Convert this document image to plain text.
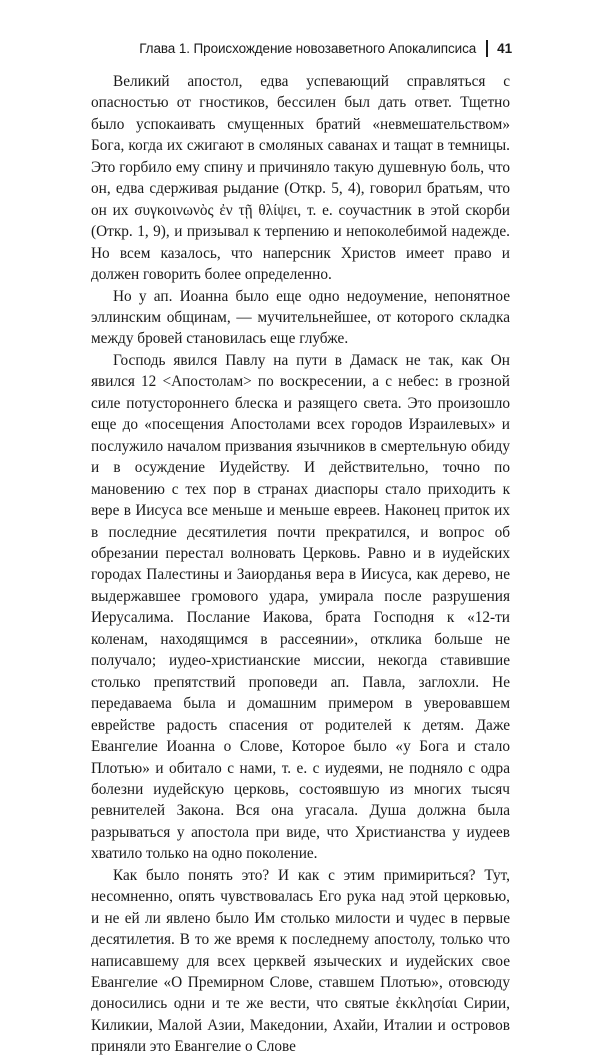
Глава 1. Происхождение новозаветного Апокалипсиса 41

Великий апостол, едва успевающий справляться с опасностью от гностиков, бессилен был дать ответ. Тщетно было успокаивать смущенных братий «невмешательством» Бога, когда их сжигают в смоляных саванах и тащат в темницы. Это горбило ему спину и причиняло такую душевную боль, что он, едва сдерживая рыдание (Откр. 5, 4), говорил братьям, что он их συγκοινωνὸς ἐν τῇ θλίψει, т. е. соучастник в этой скорби (Откр. 1, 9), и призывал к терпению и непоколебимой надежде. Но всем казалось, что наперсник Христов имеет право и должен говорить более определенно.

Но у ап. Иоанна было еще одно недоумение, непонятное эллинским общинам, — мучительнейшее, от которого складка между бровей становилась еще глубже.

Господь явился Павлу на пути в Дамаск не так, как Он явился 12 <Апостолам> по воскресении, а с небес: в грозной силе потустороннего блеска и разящего света. Это произошло еще до «посещения Апостолами всех городов Израилевых» и послужило началом призвания язычников в смертельную обиду и в осуждение Иудейству. И действительно, точно по мановению с тех пор в странах диаспоры стало приходить к вере в Иисуса все меньше и меньше евреев. Наконец приток их в последние десятилетия почти прекратился, и вопрос об обрезании перестал волновать Церковь. Равно и в иудейских городах Палестины и Заиорданья вера в Иисуса, как дерево, не выдержавшее громового удара, умирала после разрушения Иерусалима. Послание Иакова, брата Господня к «12-ти коленам, находящимся в рассеянии», отклика больше не получало; иудео-христианские миссии, некогда ставившие столько препятствий проповеди ап. Павла, заглохли. Не передаваема была и домашним примером в уверовавшем еврействе радость спасения от родителей к детям. Даже Евангелие Иоанна о Слове, Которое было «у Бога и стало Плотью» и обитало с нами, т. е. с иудеями, не подняло с одра болезни иудейскую церковь, состоявшую из многих тысяч ревнителей Закона. Вся она угасала. Душа должна была разрываться у апостола при виде, что Христианства у иудеев хватило только на одно поколение.

Как было понять это? И как с этим примириться? Тут, несомненно, опять чувствовалась Его рука над этой церковью, и не ей ли явлено было Им столько милости и чудес в первые десятилетия. В то же время к последнему апостолу, только что написавшему для всех церквей языческих и иудейских свое Евангелие «О Премирном Слове, ставшем Плотью», отовсюду доносились одни и те же вести, что святые ἐκκλησίαι Сирии, Киликии, Малой Азии, Македонии, Ахайи, Италии и островов приняли это Евангелие о Слове
